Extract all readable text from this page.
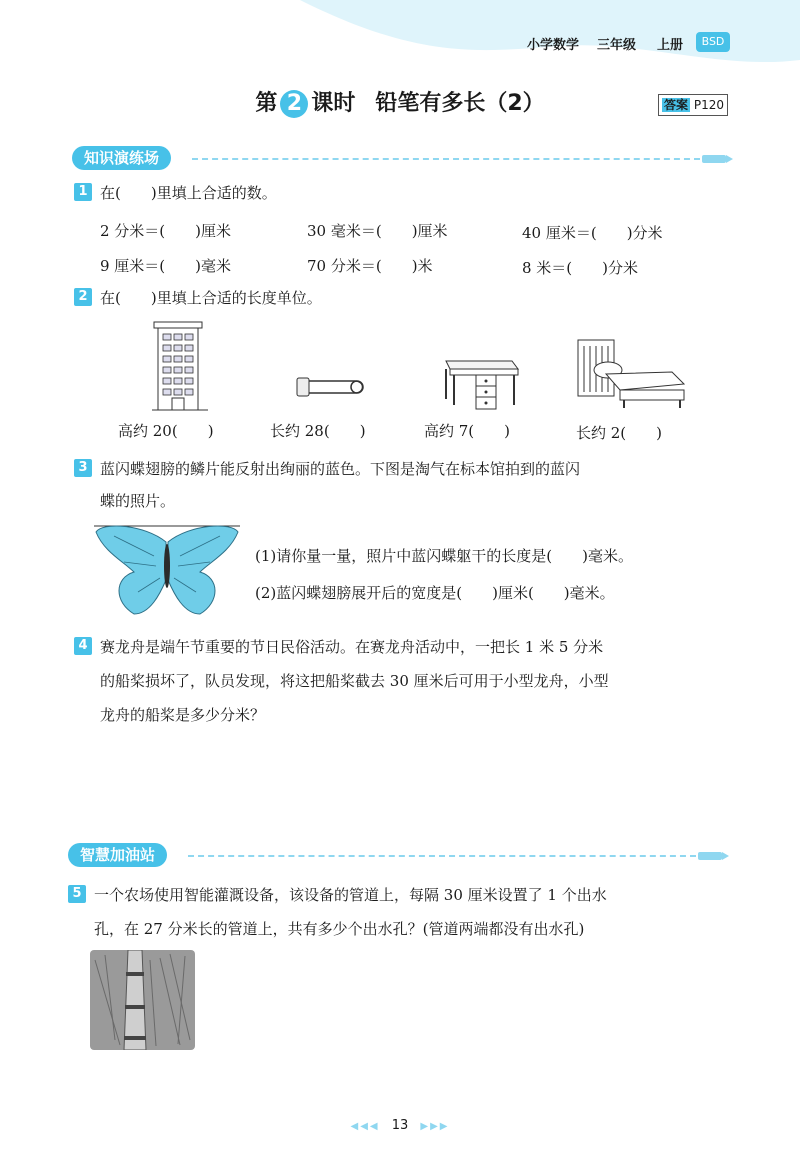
小学数学 三年级 上册	BSD
第 2 课时 铅笔有多长（2）	答案 P120
知识演练场
1 在(　　)里填上合适的数。
2 分米＝(　　)厘米	30 毫米＝(　　)厘米	40 厘米＝(　　)分米
9 厘米＝(　　)毫米	70 分米＝(　　)米	8 米＝(　　)分米
2 在(　　)里填上合适的长度单位。
高约 20(　　)	长约 28(　　)	高约 7(　　)	长约 2(　　)
3 蓝闪蝶翅膀的鳞片能反射出绚丽的蓝色。下图是淘气在标本馆拍到的蓝闪
蝶的照片。
(1)请你量一量，照片中蓝闪蝶躯干的长度是(　　)毫米。
(2)蓝闪蝶翅膀展开后的宽度是(　　)厘米(　　)毫米。
4 赛龙舟是端午节重要的节日民俗活动。在赛龙舟活动中，一把长 1 米 5 分米
的船桨损坏了，队员发现，将这把船桨截去 30 厘米后可用于小型龙舟，小型
龙舟的船桨是多少分米？
智慧加油站
5 一个农场使用智能灌溉设备，该设备的管道上，每隔 30 厘米设置了 1 个出水
孔，在 27 分米长的管道上，共有多少个出水孔？(管道两端都没有出水孔)
◀◀◀ 13 ▶▶▶
